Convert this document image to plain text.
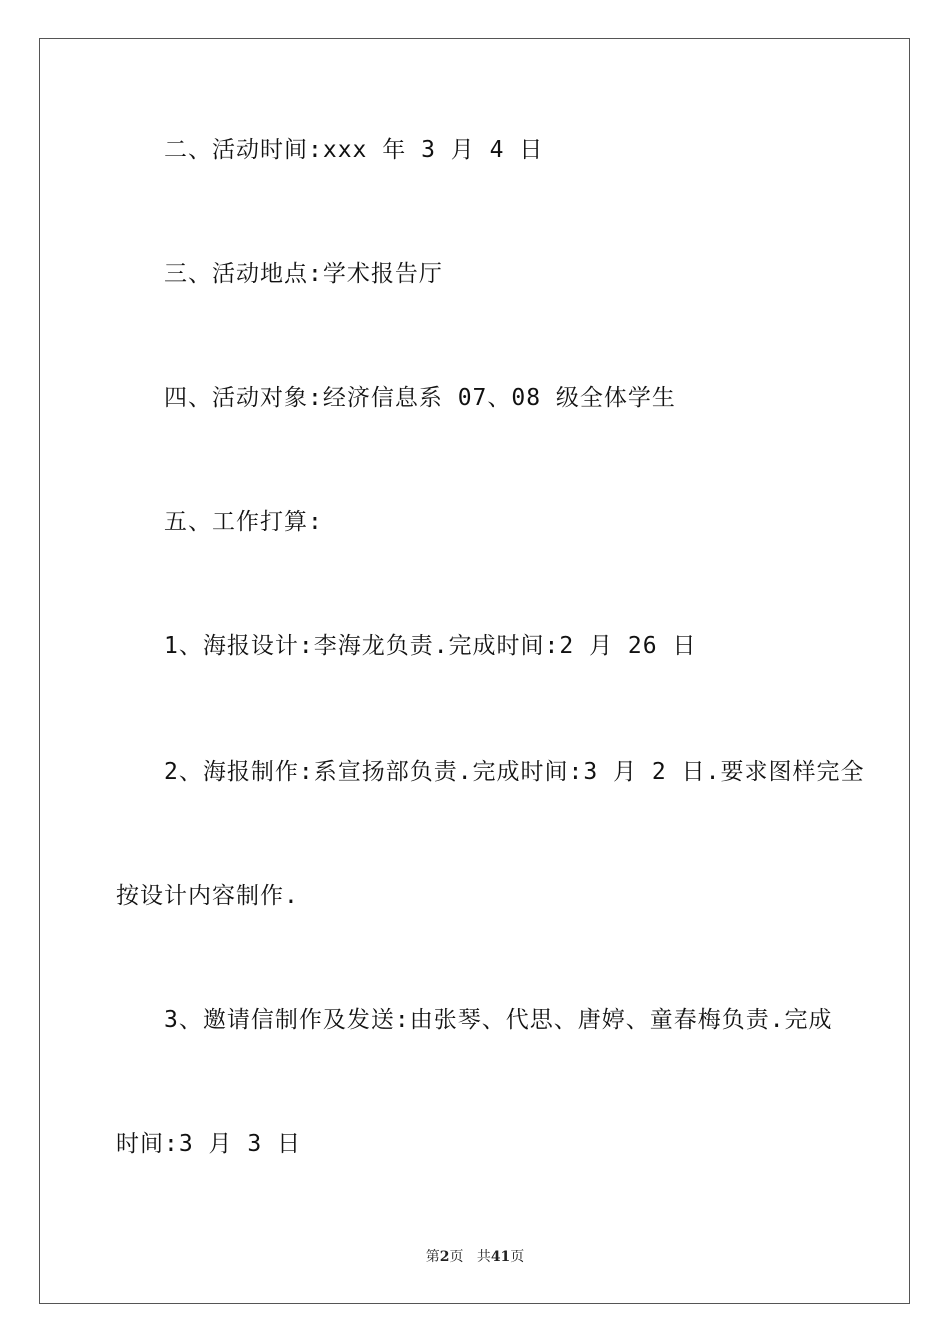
二、活动时间:xxx 年 3 月 4 日
三、活动地点:学术报告厅
四、活动对象:经济信息系 07、08 级全体学生
五、工作打算:
1、海报设计:李海龙负责.完成时间:2 月 26 日
2、海报制作:系宣扬部负责.完成时间:3 月 2 日.要求图样完全
按设计内容制作.
3、邀请信制作及发送:由张琴、代思、唐婷、童春梅负责.完成
时间:3 月 3 日
第2页 共41页
